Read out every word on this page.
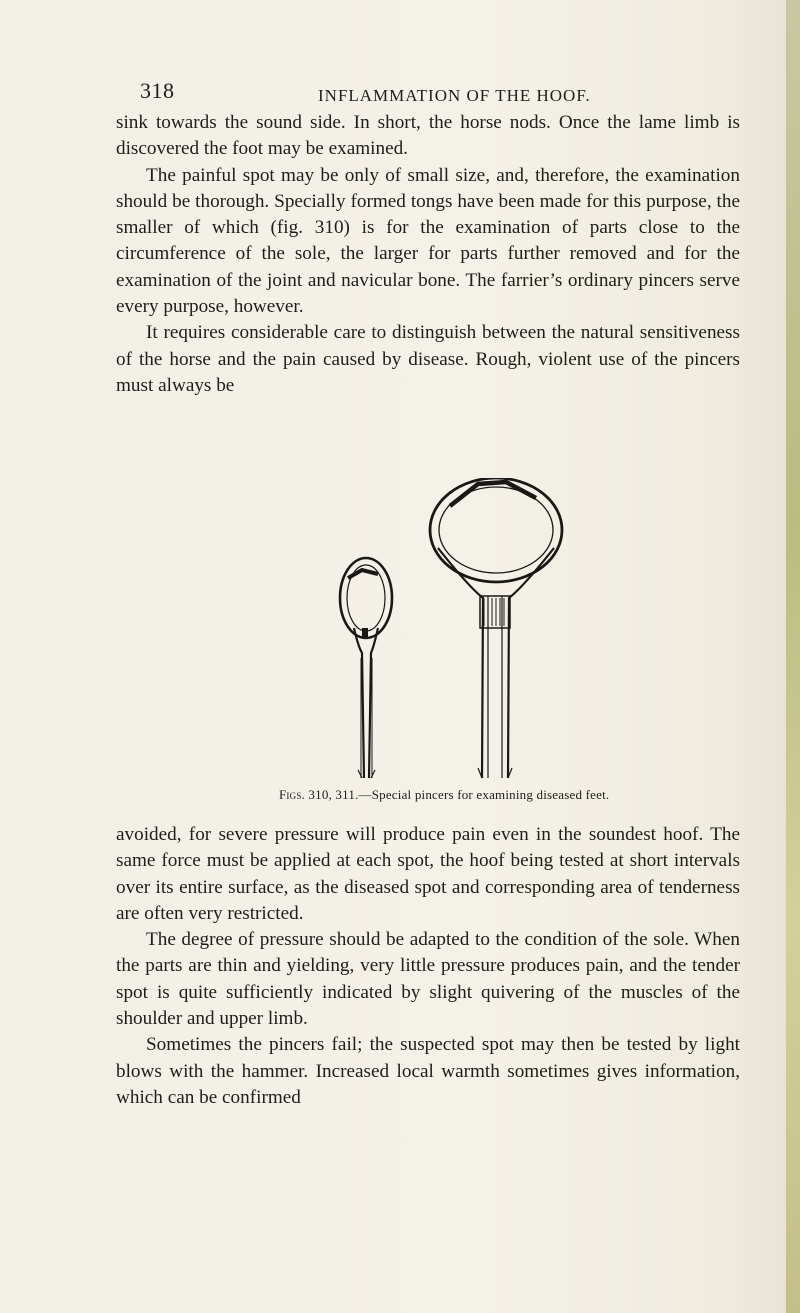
318	INFLAMMATION OF THE HOOF.

sink towards the sound side. In short, the horse nods. Once the lame limb is discovered the foot may be examined.

The painful spot may be only of small size, and, therefore, the examination should be thorough. Specially formed tongs have been made for this purpose, the smaller of which (fig. 310) is for the examination of parts close to the circumference of the sole, the larger for parts further removed and for the examination of the joint and navicular bone. The farrier’s ordinary pincers serve every purpose, however.

It requires considerable care to distinguish between the natural sensitiveness of the horse and the pain caused by disease. Rough, violent use of the pincers must always be

Figs. 310, 311.—Special pincers for examining diseased feet.

avoided, for severe pressure will produce pain even in the soundest hoof. The same force must be applied at each spot, the hoof being tested at short intervals over its entire surface, as the diseased spot and corresponding area of tenderness are often very restricted.

The degree of pressure should be adapted to the condition of the sole. When the parts are thin and yielding, very little pressure produces pain, and the tender spot is quite sufficiently indicated by slight quivering of the muscles of the shoulder and upper limb.

Sometimes the pincers fail; the suspected spot may then be tested by light blows with the hammer. Increased local warmth sometimes gives information, which can be confirmed
